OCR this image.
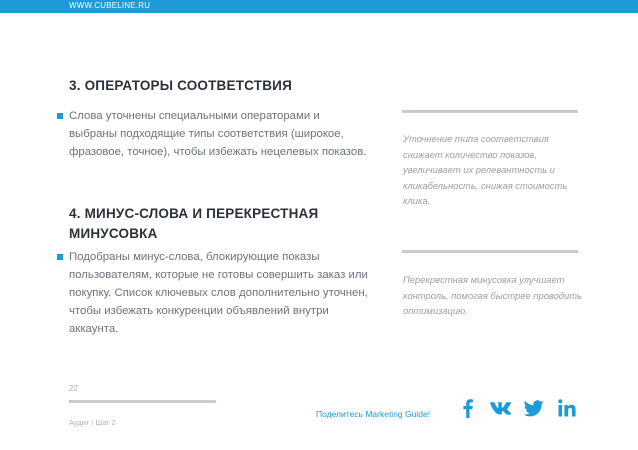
WWW.CUBELINE.RU
3. ОПЕРАТОРЫ СООТВЕТСТВИЯ
Слова уточнены специальными операторами и выбраны подходящие типы соответствия (широкое, фразовое, точное), чтобы избежать нецелевых показов.
Уточнение типа соответствия снижает количество показов, увеличивает их релевантность и кликабельность, снижая стоимость клика.
4. МИНУС-СЛОВА И ПЕРЕКРЕСТНАЯ МИНУСОВКА
Подобраны минус-слова, блокирующие показы пользователям, которые не готовы совершить заказ или покупку. Список ключевых слов дополнительно уточнен, чтобы избежать конкуренции объявлений внутри аккаунта.
Перекрестная минусовка улучшает контроль, помогая быстрее проводить оптимизацию.
22
Аудит / Шаг 2
Поделитесь Marketing Guide!
